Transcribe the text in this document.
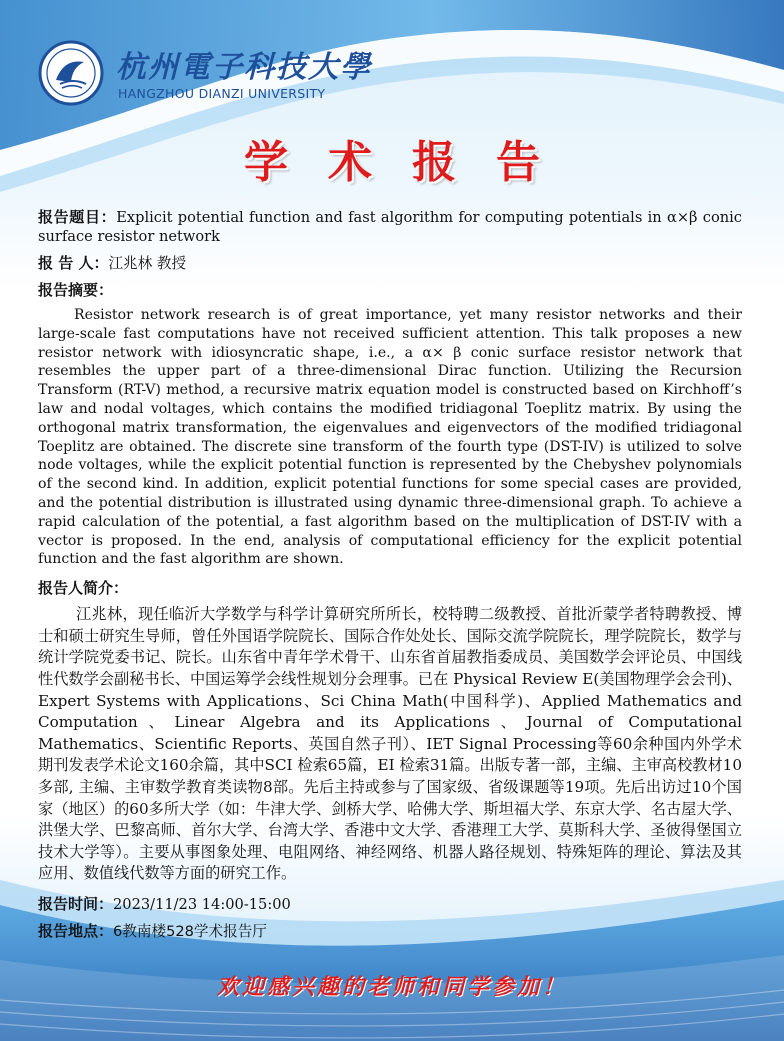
杭州電子科技大學
HANGZHOU DIANZI UNIVERSITY
学术报告

报告题目：Explicit potential function and fast algorithm for computing potentials in α×β conic surface resistor network

报 告 人：江兆林 教授

报告摘要：

Resistor network research is of great importance, yet many resistor networks and their large-scale fast computations have not received sufficient attention. This talk proposes a new resistor network with idiosyncratic shape, i.e., a α× β conic surface resistor network that resembles the upper part of a three-dimensional Dirac function. Utilizing the Recursion Transform (RT-V) method, a recursive matrix equation model is constructed based on Kirchhoff’s law and nodal voltages, which contains the modified tridiagonal Toeplitz matrix. By using the orthogonal matrix transformation, the eigenvalues and eigenvectors of the modified tridiagonal Toeplitz are obtained. The discrete sine transform of the fourth type (DST-IV) is utilized to solve node voltages, while the explicit potential function is represented by the Chebyshev polynomials of the second kind. In addition, explicit potential functions for some special cases are provided, and the potential distribution is illustrated using dynamic three-dimensional graph. To achieve a rapid calculation of the potential, a fast algorithm based on the multiplication of DST-IV with a vector is proposed. In the end, analysis of computational efficiency for the explicit potential function and the fast algorithm are shown.

报告人简介：

江兆林，现任临沂大学数学与科学计算研究所所长，校特聘二级教授、首批沂蒙学者特聘教授、博士和硕士研究生导师，曾任外国语学院院长、国际合作处处长、国际交流学院院长，理学院院长，数学与统计学院党委书记、院长。山东省中青年学术骨干、山东省首届教指委成员、美国数学会评论员、中国线性代数学会副秘书长、中国运筹学会线性规划分会理事。已在 Physical Review E(美国物理学会会刊)、Expert Systems with Applications、Sci China Math(中国科学)、Applied Mathematics and Computation、Linear Algebra and its Applications、Journal of Computational Mathematics、Scientific Reports、英国自然子刊）、IET Signal Processing等60余种国内外学术期刊发表学术论文160余篇，其中SCI 检索65篇，EI 检索31篇。出版专著一部，主编、主审高校教材10多部, 主编、主审数学教育类读物8部。先后主持或参与了国家级、省级课题等19项。先后出访过10个国家（地区）的60多所大学（如：牛津大学、剑桥大学、哈佛大学、斯坦福大学、东京大学、名古屋大学、洪堡大学、巴黎高师、首尔大学、台湾大学、香港中文大学、香港理工大学、莫斯科大学、圣彼得堡国立技术大学等）。主要从事图象处理、电阻网络、神经网络、机器人路径规划、特殊矩阵的理论、算法及其应用、数值线代数等方面的研究工作。

报告时间：2023/11/23 14:00-15:00

报告地点：6教南楼528学术报告厅

欢迎感兴趣的老师和同学参加！
